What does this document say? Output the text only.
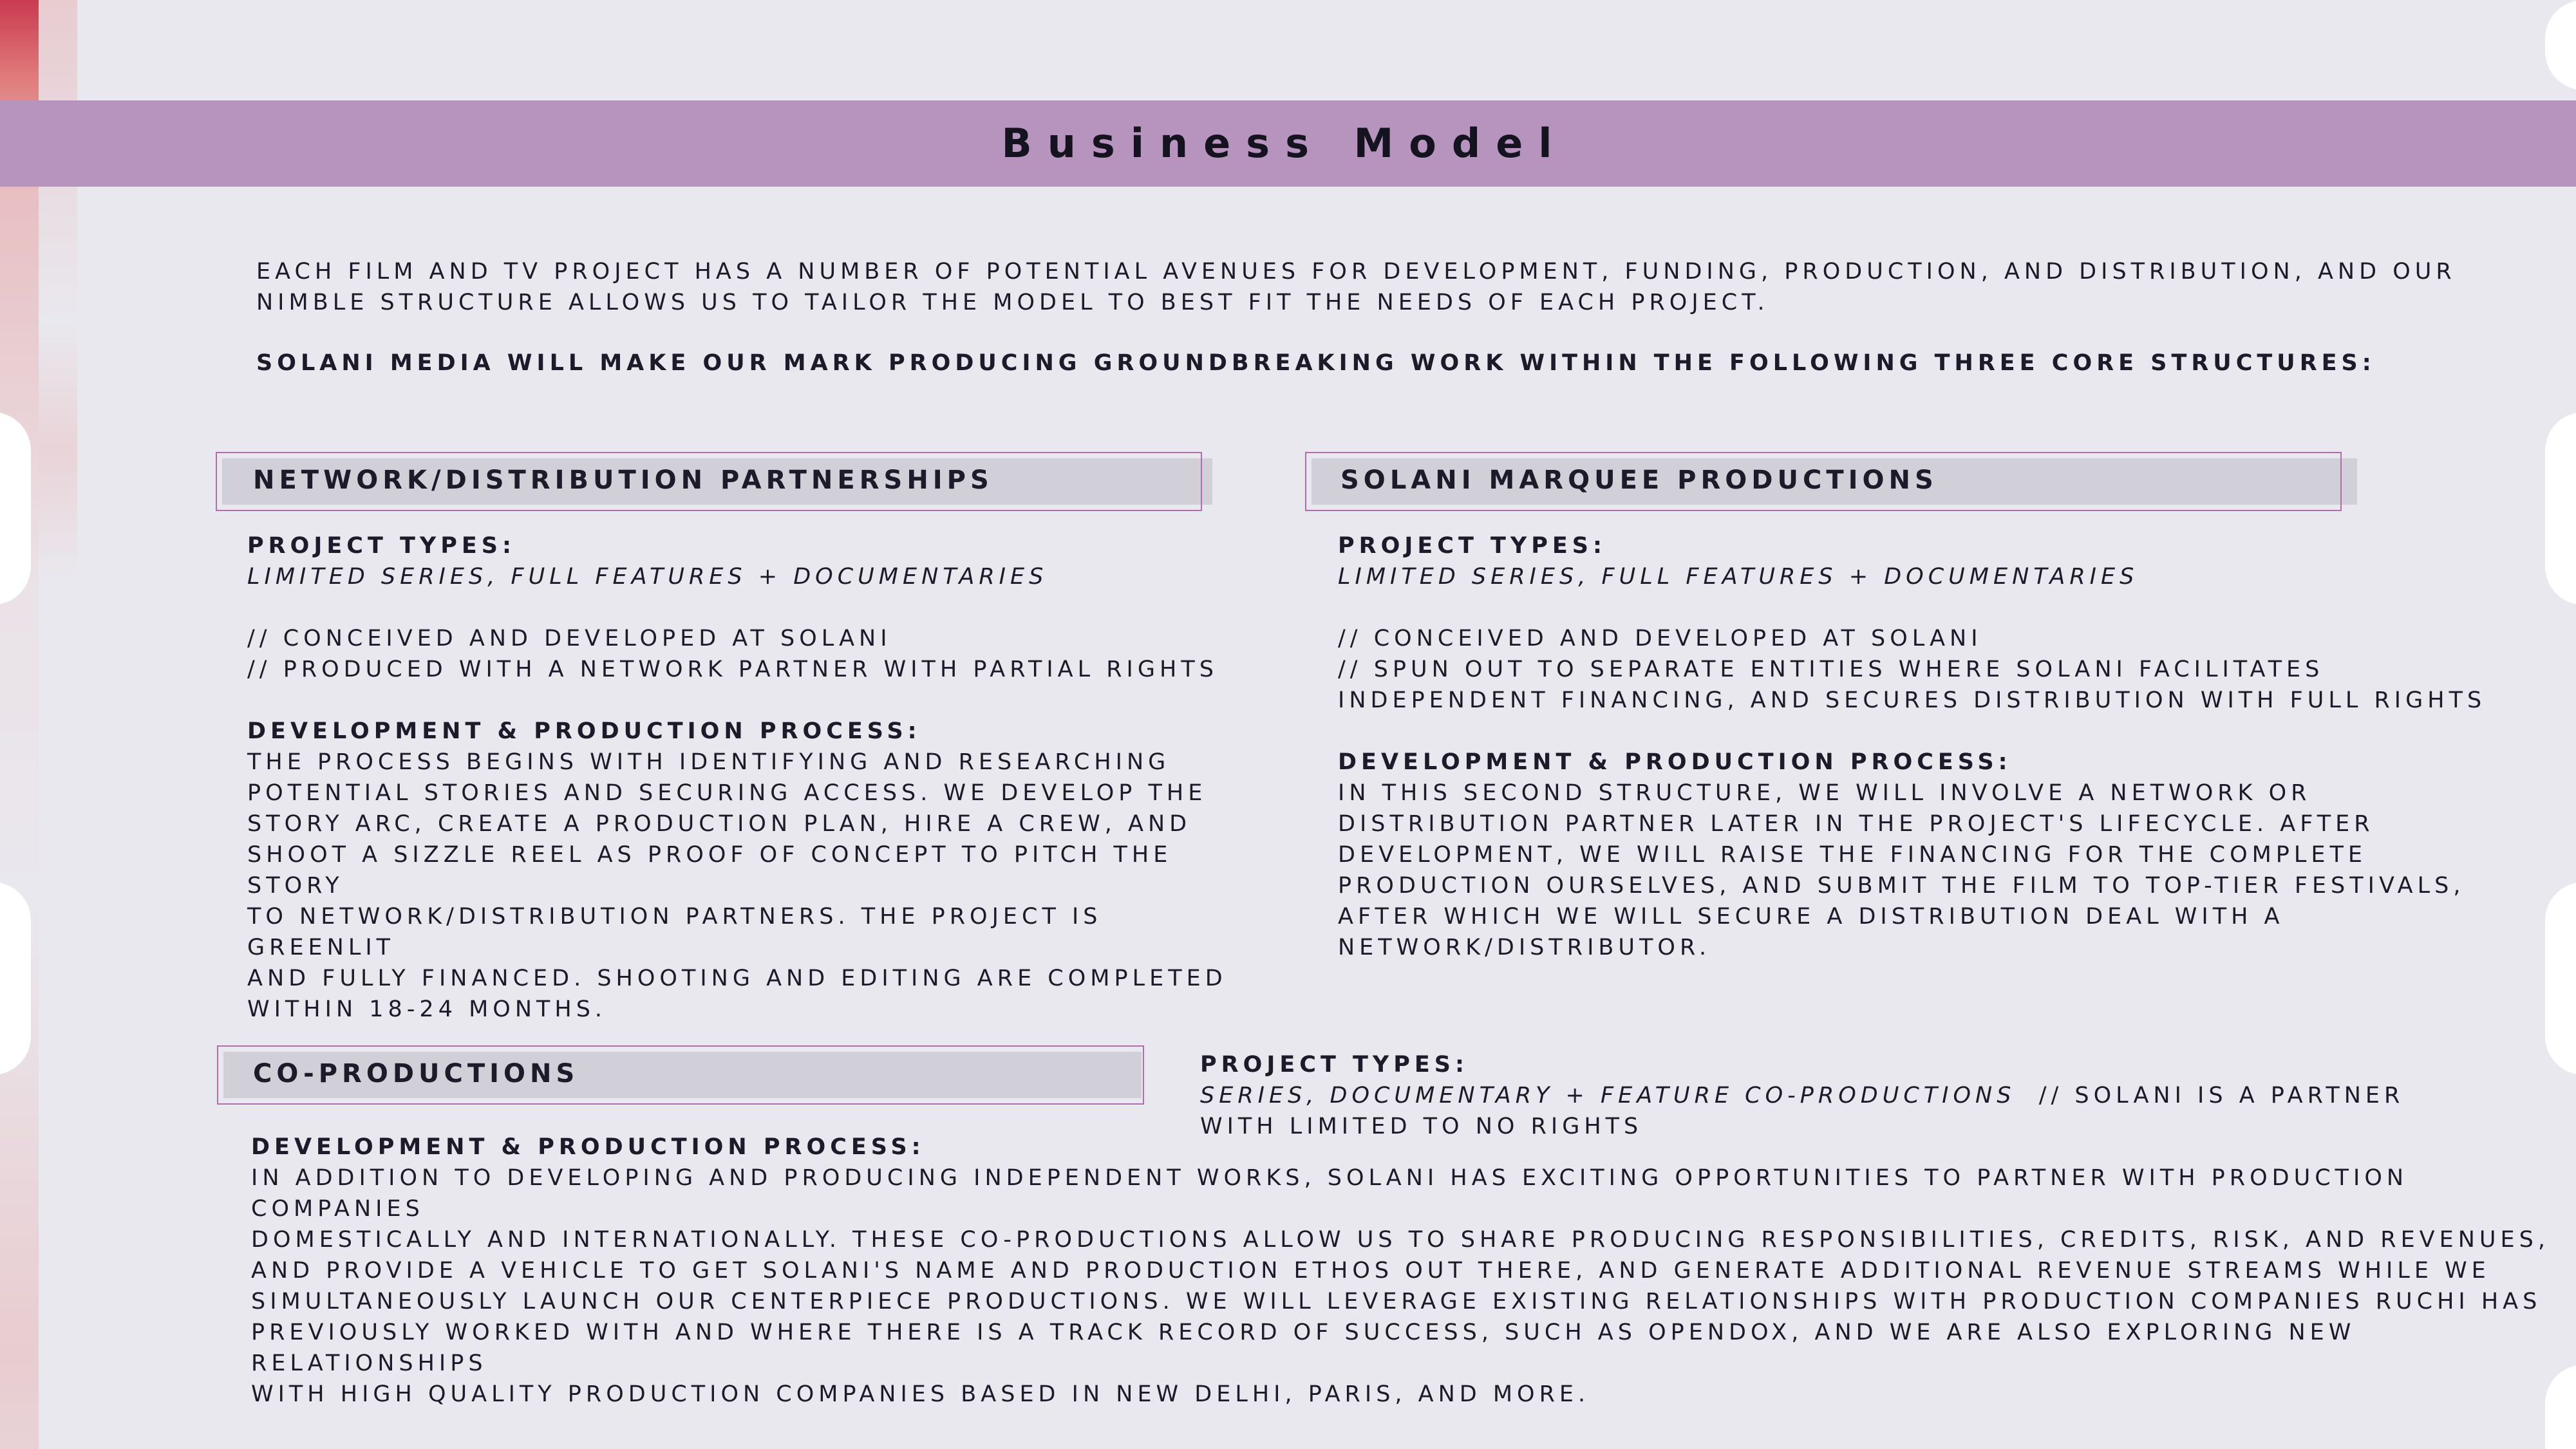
Business Model

EACH FILM AND TV PROJECT HAS A NUMBER OF POTENTIAL AVENUES FOR DEVELOPMENT, FUNDING, PRODUCTION, AND DISTRIBUTION, AND OUR NIMBLE STRUCTURE ALLOWS US TO TAILOR THE MODEL TO BEST FIT THE NEEDS OF EACH PROJECT.

SOLANI MEDIA WILL MAKE OUR MARK PRODUCING GROUNDBREAKING WORK WITHIN THE FOLLOWING THREE CORE STRUCTURES:

NETWORK/DISTRIBUTION PARTNERSHIPS

PROJECT TYPES:

LIMITED SERIES, FULL FEATURES + DOCUMENTARIES

// CONCEIVED AND DEVELOPED AT SOLANI

// PRODUCED WITH A NETWORK PARTNER WITH PARTIAL RIGHTS

DEVELOPMENT & PRODUCTION PROCESS:

THE PROCESS BEGINS WITH IDENTIFYING AND RESEARCHING

POTENTIAL STORIES AND SECURING ACCESS. WE DEVELOP THE

STORY ARC, CREATE A PRODUCTION PLAN, HIRE A CREW, AND

SHOOT A SIZZLE REEL AS PROOF OF CONCEPT TO PITCH THE STORY

TO NETWORK/DISTRIBUTION PARTNERS. THE PROJECT IS GREENLIT

AND FULLY FINANCED. SHOOTING AND EDITING ARE COMPLETED

WITHIN 18-24 MONTHS.

SOLANI MARQUEE PRODUCTIONS

PROJECT TYPES:

LIMITED SERIES, FULL FEATURES + DOCUMENTARIES

// CONCEIVED AND DEVELOPED AT SOLANI

// SPUN OUT TO SEPARATE ENTITIES WHERE SOLANI FACILITATES

INDEPENDENT FINANCING, AND SECURES DISTRIBUTION WITH FULL RIGHTS

DEVELOPMENT & PRODUCTION PROCESS:

IN THIS SECOND STRUCTURE, WE WILL INVOLVE A NETWORK OR

DISTRIBUTION PARTNER LATER IN THE PROJECT'S LIFECYCLE. AFTER

DEVELOPMENT, WE WILL RAISE THE FINANCING FOR THE COMPLETE

PRODUCTION OURSELVES, AND SUBMIT THE FILM TO TOP-TIER FESTIVALS,

AFTER WHICH WE WILL SECURE A DISTRIBUTION DEAL WITH A

NETWORK/DISTRIBUTOR.

CO-PRODUCTIONS	PROJECT TYPES:

SERIES, DOCUMENTARY + FEATURE CO-PRODUCTIONS // SOLANI IS A PARTNER

WITH LIMITED TO NO RIGHTS

DEVELOPMENT & PRODUCTION PROCESS:

IN ADDITION TO DEVELOPING AND PRODUCING INDEPENDENT WORKS, SOLANI HAS EXCITING OPPORTUNITIES TO PARTNER WITH PRODUCTION COMPANIES

DOMESTICALLY AND INTERNATIONALLY. THESE CO-PRODUCTIONS ALLOW US TO SHARE PRODUCING RESPONSIBILITIES, CREDITS, RISK, AND REVENUES,

AND PROVIDE A VEHICLE TO GET SOLANI'S NAME AND PRODUCTION ETHOS OUT THERE, AND GENERATE ADDITIONAL REVENUE STREAMS WHILE WE

SIMULTANEOUSLY LAUNCH OUR CENTERPIECE PRODUCTIONS. WE WILL LEVERAGE EXISTING RELATIONSHIPS WITH PRODUCTION COMPANIES RUCHI HAS

PREVIOUSLY WORKED WITH AND WHERE THERE IS A TRACK RECORD OF SUCCESS, SUCH AS OPENDOX, AND WE ARE ALSO EXPLORING NEW RELATIONSHIPS

WITH HIGH QUALITY PRODUCTION COMPANIES BASED IN NEW DELHI, PARIS, AND MORE.
